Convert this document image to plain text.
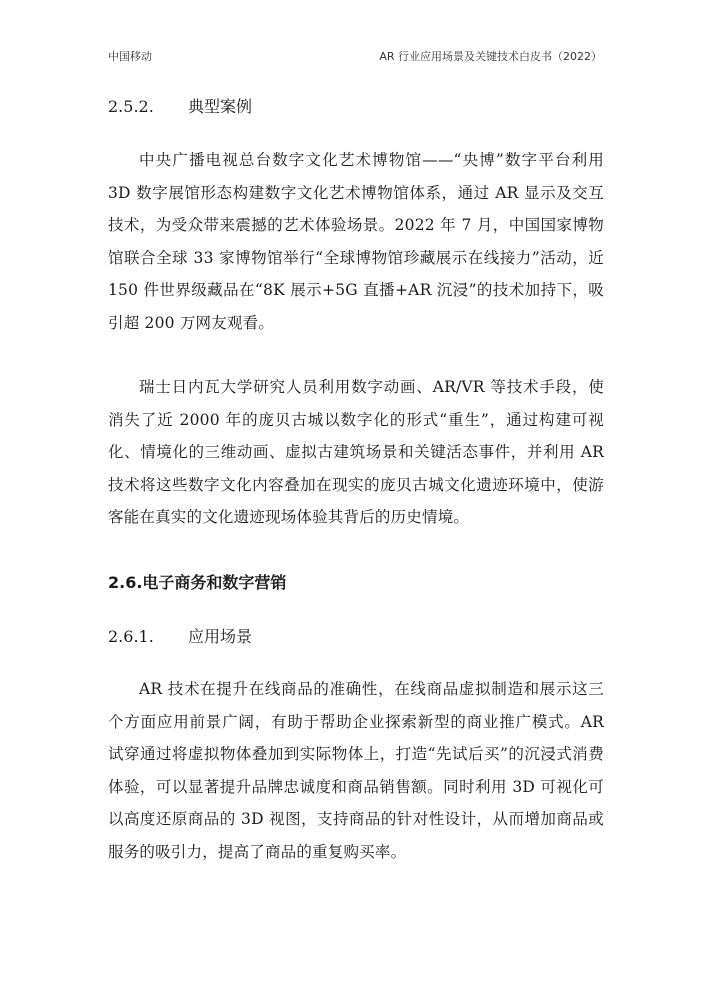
中国移动	AR 行业应用场景及关键技术白皮书（2022）
2.5.2. 典型案例
中央广播电视总台数字文化艺术博物馆——“央博”数字平台利用 3D 数字展馆形态构建数字文化艺术博物馆体系，通过 AR 显示及交互技术，为受众带来震撼的艺术体验场景。2022 年 7 月，中国国家博物馆联合全球 33 家博物馆举行“全球博物馆珍藏展示在线接力”活动，近 150 件世界级藏品在“8K 展示+5G 直播+AR 沉浸”的技术加持下，吸引超 200 万网友观看。
瑞士日内瓦大学研究人员利用数字动画、AR/VR 等技术手段，使消失了近 2000 年的庞贝古城以数字化的形式“重生”，通过构建可视化、情境化的三维动画、虚拟古建筑场景和关键活态事件，并利用 AR 技术将这些数字文化内容叠加在现实的庞贝古城文化遗迹环境中，使游客能在真实的文化遗迹现场体验其背后的历史情境。
2.6.电子商务和数字营销
2.6.1. 应用场景
AR 技术在提升在线商品的准确性，在线商品虚拟制造和展示这三个方面应用前景广阔，有助于帮助企业探索新型的商业推广模式。AR 试穿通过将虚拟物体叠加到实际物体上，打造“先试后买”的沉浸式消费体验，可以显著提升品牌忠诚度和商品销售额。同时利用 3D 可视化可以高度还原商品的 3D 视图，支持商品的针对性设计，从而增加商品或服务的吸引力，提高了商品的重复购买率。
